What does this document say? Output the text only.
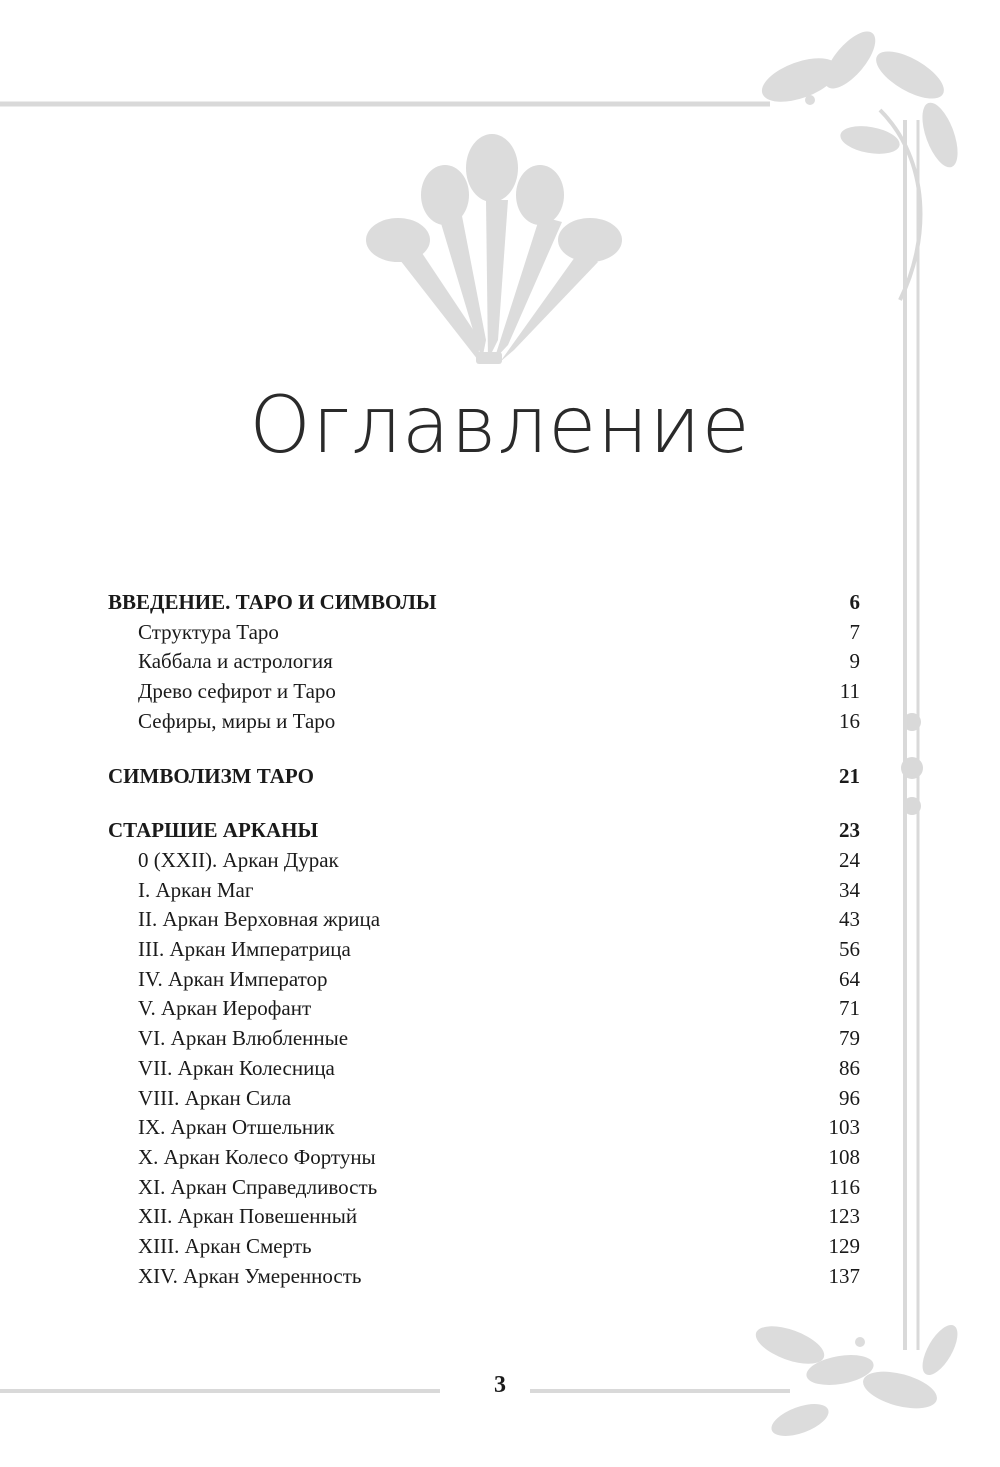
Оглавление
ВВЕДЕНИЕ. ТАРО И СИМВОЛЫ	6
Структура Таро	7
Каббала и астрология	9
Древо сефирот и Таро	11
Сефиры, миры и Таро	16
СИМВОЛИЗМ ТАРО	21
СТАРШИЕ АРКАНЫ	23
0 (XXII). Аркан Дурак	24
I. Аркан Маг	34
II. Аркан Верховная жрица	43
III. Аркан Императрица	56
IV. Аркан Император	64
V. Аркан Иерофант	71
VI. Аркан Влюбленные	79
VII. Аркан Колесница	86
VIII. Аркан Сила	96
IX. Аркан Отшельник	103
X. Аркан Колесо Фортуны	108
XI. Аркан Справедливость	116
XII. Аркан Повешенный	123
XIII. Аркан Смерть	129
XIV. Аркан Умеренность	137
3
